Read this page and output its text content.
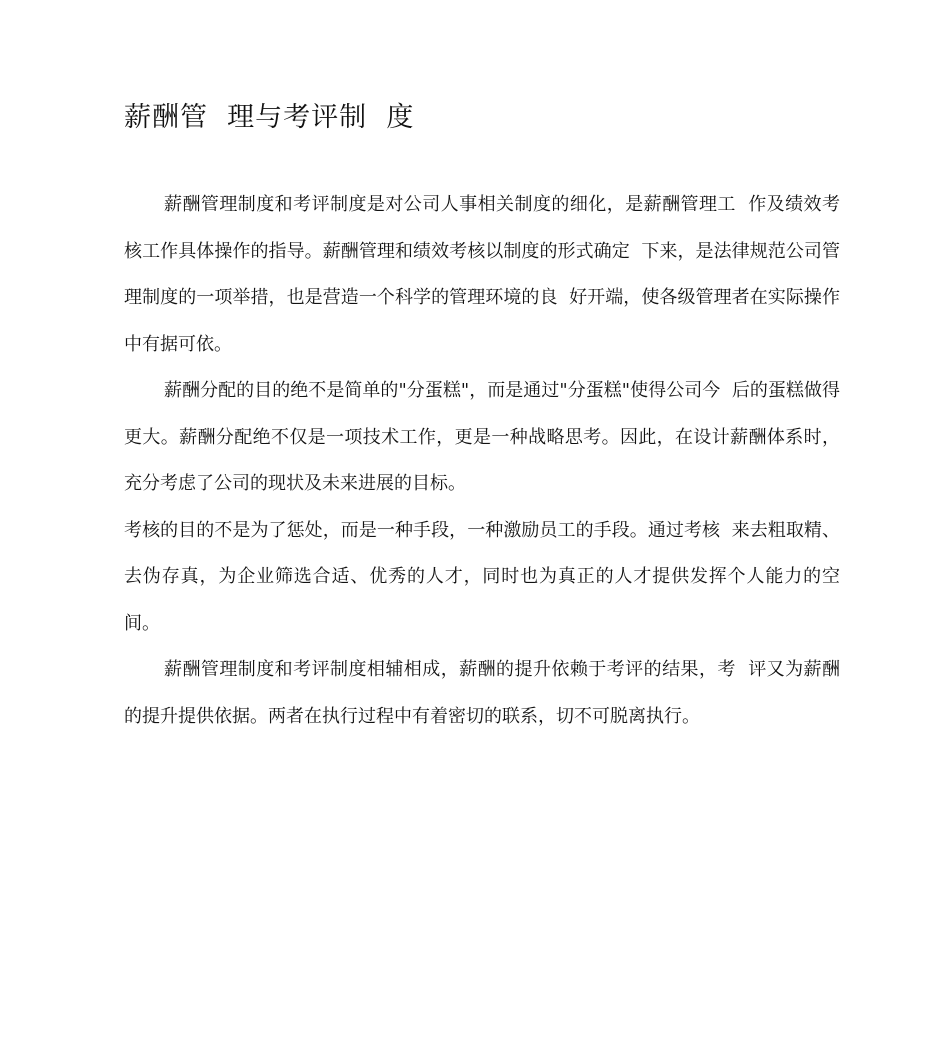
薪酬管  理与考评制  度

薪酬管理制度和考评制度是对公司人事相关制度的细化，是薪酬管理工  作及绩效考核工作具体操作的指导。薪酬管理和绩效考核以制度的形式确定  下来，是法律规范公司管理制度的一项举措，也是营造一个科学的管理环境的良  好开端，使各级管理者在实际操作中有据可依。

薪酬分配的目的绝不是简单的"分蛋糕"，而是通过"分蛋糕"使得公司今  后的蛋糕做得更大。薪酬分配绝不仅是一项技术工作，更是一种战略思考。因此，在设计薪酬体系时，充分考虑了公司的现状及未来进展的目标。

考核的目的不是为了惩处，而是一种手段，一种激励员工的手段。通过考核  来去粗取精、去伪存真，为企业筛选合适、优秀的人才，同时也为真正的人才提供发挥个人能力的空间。

薪酬管理制度和考评制度相辅相成，薪酬的提升依赖于考评的结果，考  评又为薪酬的提升提供依据。两者在执行过程中有着密切的联系，切不可脱离执行。
